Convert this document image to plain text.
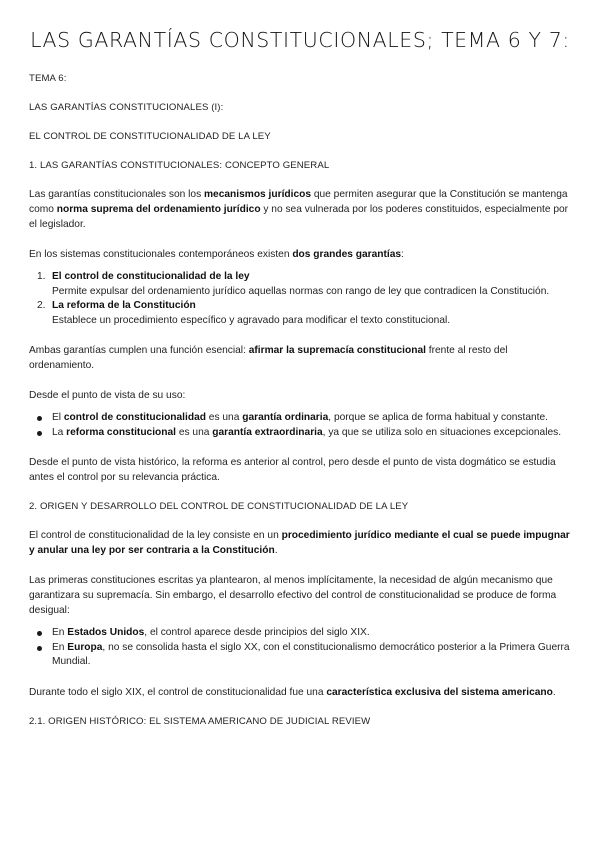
LAS GARANTÍAS CONSTITUCIONALES; TEMA 6 Y 7:

TEMA 6:

LAS GARANTÍAS CONSTITUCIONALES (I):

EL CONTROL DE CONSTITUCIONALIDAD DE LA LEY

1. LAS GARANTÍAS CONSTITUCIONALES: CONCEPTO GENERAL

Las garantías constitucionales son los mecanismos jurídicos que permiten asegurar que la Constitución se mantenga como norma suprema del ordenamiento jurídico y no sea vulnerada por los poderes constituidos, especialmente por el legislador.

En los sistemas constitucionales contemporáneos existen dos grandes garantías:

1. El control de constitucionalidad de la ley
Permite expulsar del ordenamiento jurídico aquellas normas con rango de ley que contradicen la Constitución.
2. La reforma de la Constitución
Establece un procedimiento específico y agravado para modificar el texto constitucional.

Ambas garantías cumplen una función esencial: afirmar la supremacía constitucional frente al resto del ordenamiento.

Desde el punto de vista de su uso:

El control de constitucionalidad es una garantía ordinaria, porque se aplica de forma habitual y constante.
La reforma constitucional es una garantía extraordinaria, ya que se utiliza solo en situaciones excepcionales.

Desde el punto de vista histórico, la reforma es anterior al control, pero desde el punto de vista dogmático se estudia antes el control por su relevancia práctica.

2. ORIGEN Y DESARROLLO DEL CONTROL DE CONSTITUCIONALIDAD DE LA LEY

El control de constitucionalidad de la ley consiste en un procedimiento jurídico mediante el cual se puede impugnar y anular una ley por ser contraria a la Constitución.

Las primeras constituciones escritas ya plantearon, al menos implícitamente, la necesidad de algún mecanismo que garantizara su supremacía. Sin embargo, el desarrollo efectivo del control de constitucionalidad se produce de forma desigual:

En Estados Unidos, el control aparece desde principios del siglo XIX.
En Europa, no se consolida hasta el siglo XX, con el constitucionalismo democrático posterior a la Primera Guerra Mundial.

Durante todo el siglo XIX, el control de constitucionalidad fue una característica exclusiva del sistema americano.

2.1. ORIGEN HISTÓRICO: EL SISTEMA AMERICANO DE JUDICIAL REVIEW
